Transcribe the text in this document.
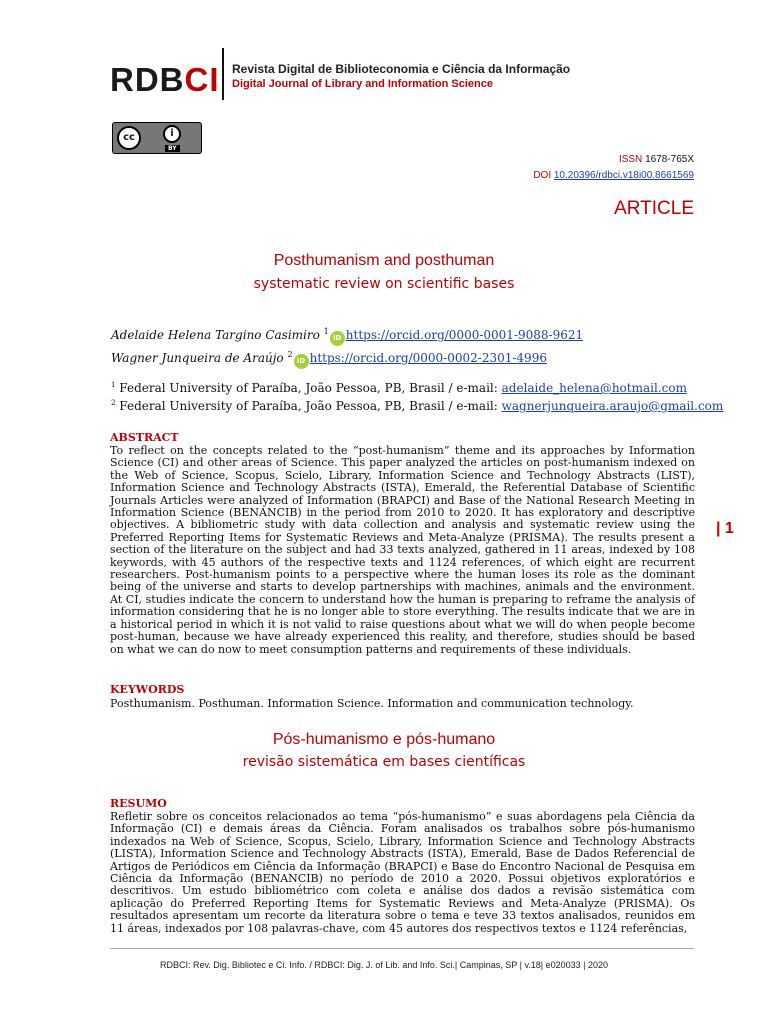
RDBCI Revista Digital de Biblioteconomia e Ciência da Informação
Digital Journal of Library and Information Science
cc	i
BY
ISSN 1678-765X
DOI 10.20396/rdbci.v18i00.8661569
ARTICLE
Posthumanism and posthuman
systematic review on scientific bases
Adelaide Helena Targino Casimiro $^1$iD https://orcid.org/0000-0001-9088-9621
Wagner Junqueira de Araújo $^2$iD https://orcid.org/0000-0002-2301-4996
$^1$ Federal University of Paraíba, João Pessoa, PB, Brasil / e-mail: adelaide_helena@hotmail.com
$^2$ Federal University of Paraíba, João Pessoa, PB, Brasil / e-mail: wagnerjunqueira.araujo@gmail.com
ABSTRACT
To reflect on the concepts related to the “post-humanism” theme and its approaches by Information Science (CI) and other areas of Science. This paper analyzed the articles on post-humanism indexed on the Web of Science, Scopus, Scielo, Library, Information Science and Technology Abstracts (LIST), Information Science and Technology Abstracts (ISTA), Emerald, the Referential Database of Scientific Journals Articles were analyzed of Information (BRAPCI) and Base of the National Research Meeting in Information Science (BENANCIB) in the period from 2010 to 2020. It has exploratory and descriptive objectives. A bibliometric study with data collection and analysis and systematic review using the Preferred Reporting Items for Systematic Reviews and Meta-Analyze (PRISMA). The results present a section of the literature on the subject and had 33 texts analyzed, gathered in 11 areas, indexed by 108 keywords, with 45 authors of the respective texts and 1124 references, of which eight are recurrent researchers. Post-humanism points to a perspective where the human loses its role as the dominant being of the universe and starts to develop partnerships with machines, animals and the environment. At CI, studies indicate the concern to understand how the human is preparing to reframe the analysis of information considering that he is no longer able to store everything. The results indicate that we are in a historical period in which it is not valid to raise questions about what we will do when people become post-human, because we have already experienced this reality, and therefore, studies should be based on what we can do now to meet consumption patterns and requirements of these individuals.
| 1
KEYWORDS
Posthumanism. Posthuman. Information Science. Information and communication technology.
Pós-humanismo e pós-humano
revisão sistemática em bases científicas
RESUMO
Refletir sobre os conceitos relacionados ao tema “pós-humanismo” e suas abordagens pela Ciência da Informação (CI) e demais áreas da Ciência. Foram analisados os trabalhos sobre pós-humanismo indexados na Web of Science, Scopus, Scielo, Library, Information Science and Technology Abstracts (LISTA), Information Science and Technology Abstracts (ISTA), Emerald, Base de Dados Referencial de Artigos de Periódicos em Ciência da Informação (BRAPCI) e Base do Encontro Nacional de Pesquisa em Ciência da Informação (BENANCIB) no período de 2010 a 2020. Possui objetivos exploratórios e descritivos. Um estudo bibliométrico com coleta e análise dos dados a revisão sistemática com aplicação do Preferred Reporting Items for Systematic Reviews and Meta-Analyze (PRISMA). Os resultados apresentam um recorte da literatura sobre o tema e teve 33 textos analisados, reunidos em 11 áreas, indexados por 108 palavras-chave, com 45 autores dos respectivos textos e 1124 referências,
RDBCI: Rev. Dig. Bibliotec e Ci. Info. / RDBCI: Dig. J. of Lib. and Info. Sci.| Campinas, SP | v.18| e020033 | 2020
